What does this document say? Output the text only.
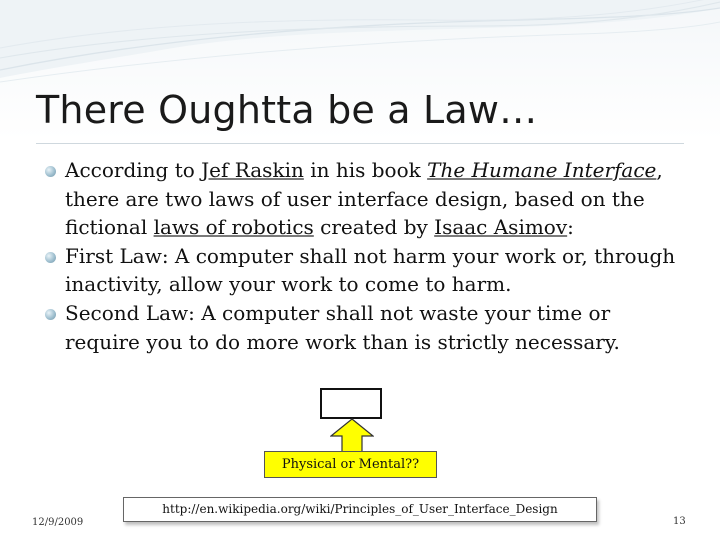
There Oughtta be a Law…

According to Jef Raskin in his book The Humane Interface, there are two laws of user interface design, based on the fictional laws of robotics created by Isaac Asimov:

First Law: A computer shall not harm your work or, through inactivity, allow your work to come to harm.

Second Law: A computer shall not waste your time or require you to do more work than is strictly necessary.

Physical or Mental??
http://en.wikipedia.org/wiki/Principles_of_User_Interface_Design
12/9/2009	13
